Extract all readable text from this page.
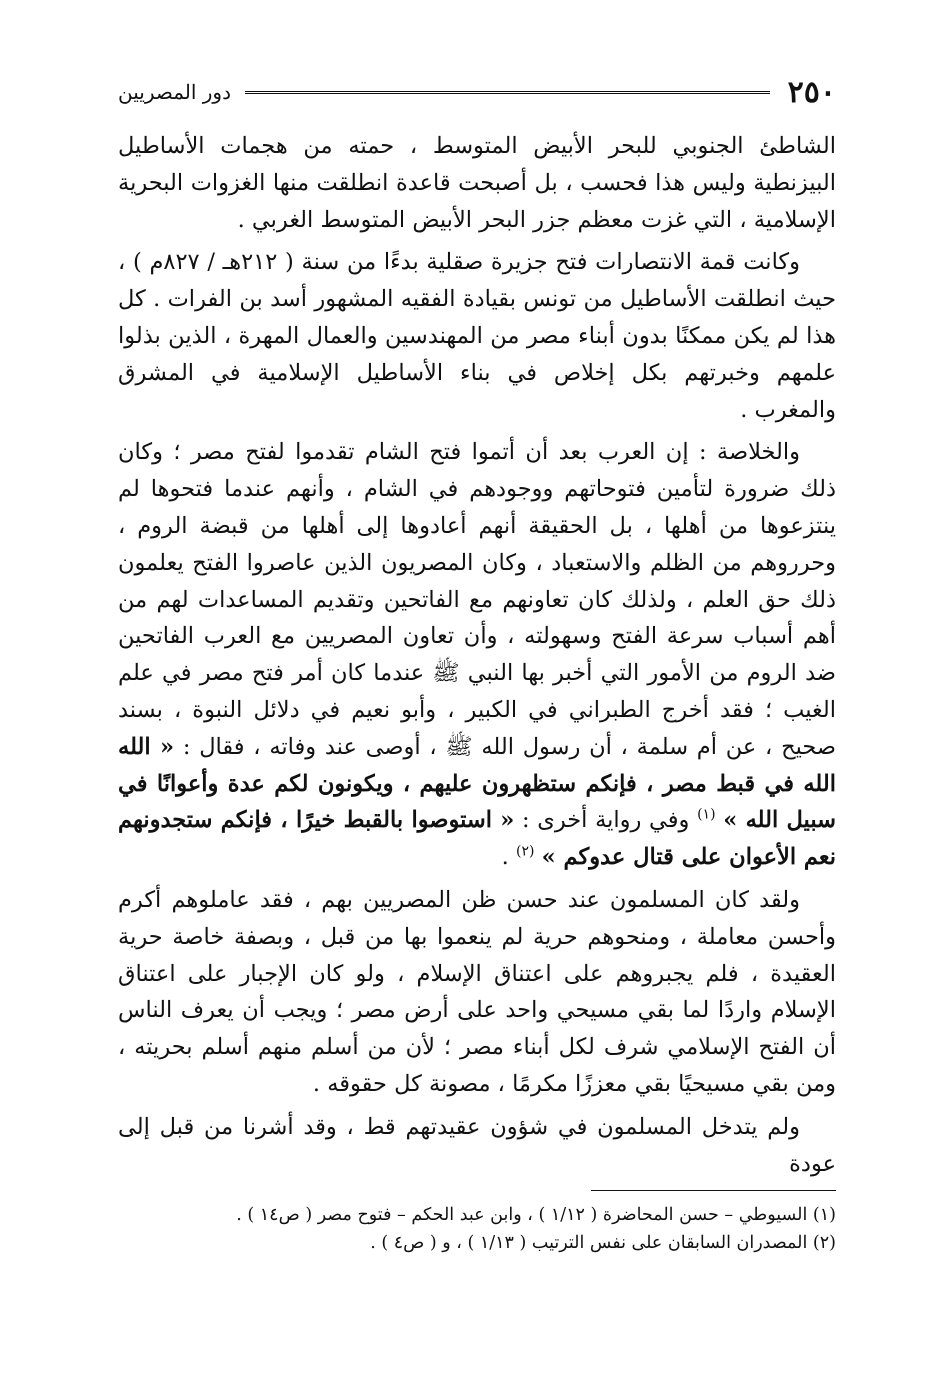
٢٥٠
دور المصريين

الشاطئ الجنوبي للبحر الأبيض المتوسط ، حمته من هجمات الأساطيل البيزنطية وليس هذا فحسب ، بل أصبحت قاعدة انطلقت منها الغزوات البحرية الإسلامية ، التي غزت معظم جزر البحر الأبيض المتوسط الغربي .

وكانت قمة الانتصارات فتح جزيرة صقلية بدءًا من سنة ( ٢١٢هـ / ٨٢٧م ) ، حيث انطلقت الأساطيل من تونس بقيادة الفقيه المشهور أسد بن الفرات . كل هذا لم يكن ممكنًا بدون أبناء مصر من المهندسين والعمال المهرة ، الذين بذلوا علمهم وخبرتهم بكل إخلاص في بناء الأساطيل الإسلامية في المشرق والمغرب .

والخلاصة : إن العرب بعد أن أتموا فتح الشام تقدموا لفتح مصر ؛ وكان ذلك ضرورة لتأمين فتوحاتهم ووجودهم في الشام ، وأنهم عندما فتحوها لم ينتزعوها من أهلها ، بل الحقيقة أنهم أعادوها إلى أهلها من قبضة الروم ، وحرروهم من الظلم والاستعباد ، وكان المصريون الذين عاصروا الفتح يعلمون ذلك حق العلم ، ولذلك كان تعاونهم مع الفاتحين وتقديم المساعدات لهم من أهم أسباب سرعة الفتح وسهولته ، وأن تعاون المصريين مع العرب الفاتحين ضد الروم من الأمور التي أخبر بها النبي ﷺ عندما كان أمر فتح مصر في علم الغيب ؛ فقد أخرج الطبراني في الكبير ، وأبو نعيم في دلائل النبوة ، بسند صحيح ، عن أم سلمة ، أن رسول الله ﷺ ، أوصى عند وفاته ، فقال : « الله الله في قبط مصر ، فإنكم ستظهرون عليهم ، ويكونون لكم عدة وأعوانًا في سبيل الله » $^{(١)}$ وفي رواية أخرى : « استوصوا بالقبط خيرًا ، فإنكم ستجدونهم نعم الأعوان على قتال عدوكم » $^{(٢)}$ .

ولقد كان المسلمون عند حسن ظن المصريين بهم ، فقد عاملوهم أكرم وأحسن معاملة ، ومنحوهم حرية لم ينعموا بها من قبل ، وبصفة خاصة حرية العقيدة ، فلم يجبروهم على اعتناق الإسلام ، ولو كان الإجبار على اعتناق الإسلام واردًا لما بقي مسيحي واحد على أرض مصر ؛ ويجب أن يعرف الناس أن الفتح الإسلامي شرف لكل أبناء مصر ؛ لأن من أسلم منهم أسلم بحريته ، ومن بقي مسيحيًا بقي معززًا مكرمًا ، مصونة كل حقوقه .

ولم يتدخل المسلمون في شؤون عقيدتهم قط ، وقد أشرنا من قبل إلى عودة

(١) السيوطي – حسن المحاضرة ( ١/١٢ ) ، وابن عبد الحكم – فتوح مصر ( ص١٤ ) .

(٢) المصدران السابقان على نفس الترتيب ( ١/١٣ ) ، و ( ص٤ ) .
